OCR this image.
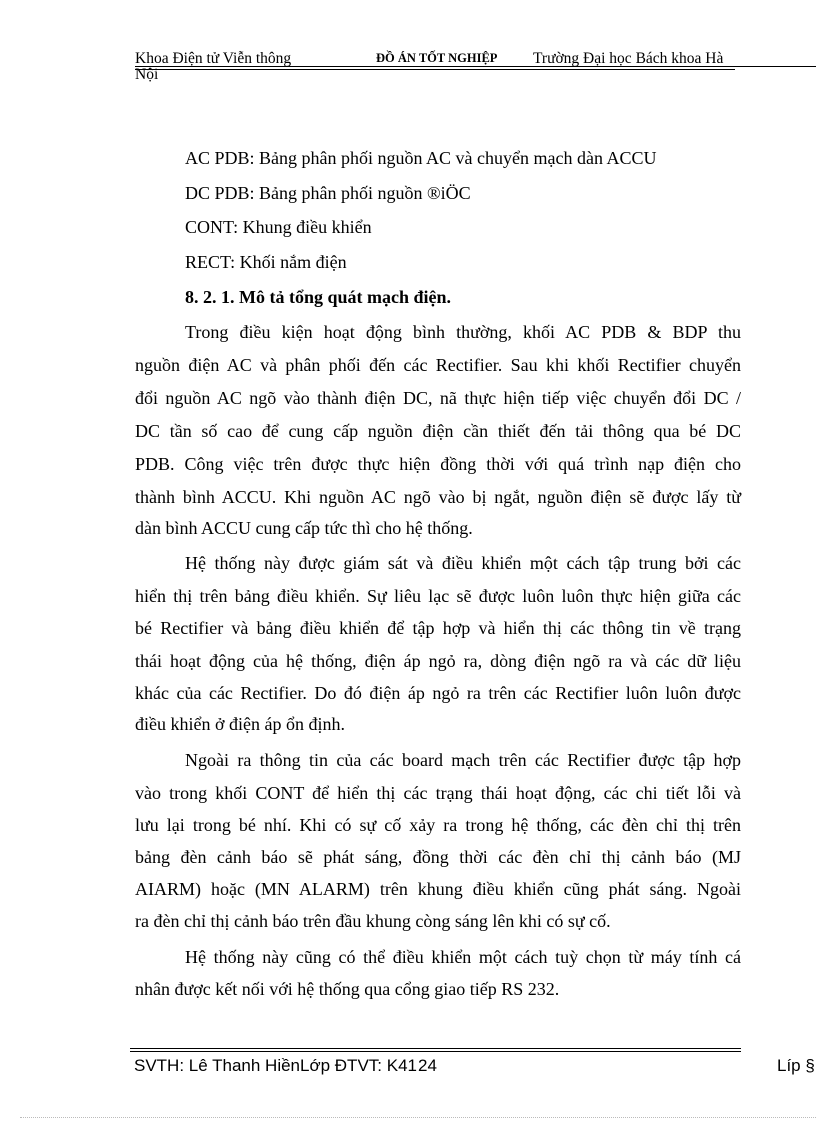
Khoa Điện tử Viễn thông	ĐỒ ÁN TỐT NGHIỆP Trường Đại học Bách khoa Hà
Nội
AC PDB: Bảng phân phối nguồn AC và chuyển mạch dàn ACCU
DC PDB: Bảng phân phối nguồn ®iÖC
CONT: Khung điều khiển
RECT: Khối nắm điện
8. 2. 1. Mô tả tổng quát mạch điện.
Trong điều kiện hoạt động bình thường, khối AC PDB & BDP thu
nguồn điện AC và phân phối đến các Rectifier. Sau khi khối Rectifier chuyển
đổi nguồn AC ngõ vào thành điện DC, nã thực hiện tiếp việc chuyển đổi DC /
DC tần số cao để cung cấp nguồn điện cần thiết đến tải thông qua bé DC
PDB. Công việc trên được thực hiện đồng thời với quá trình nạp điện cho
thành bình ACCU. Khi nguồn AC ngõ vào bị ngắt, nguồn điện sẽ được lấy từ
dàn bình ACCU cung cấp tức thì cho hệ thống.
Hệ thống này được giám sát và điều khiển một cách tập trung bởi các
hiển thị trên bảng điều khiển. Sự liêu lạc sẽ được luôn luôn thực hiện giữa các
bé Rectifier và bảng điều khiển để tập hợp và hiển thị các thông tin về trạng
thái hoạt động của hệ thống, điện áp ngỏ ra, dòng điện ngõ ra và các dữ liệu
khác của các Rectifier. Do đó điện áp ngỏ ra trên các Rectifier luôn luôn được
điều khiển ở điện áp ổn định.
Ngoài ra thông tin của các board mạch trên các Rectifier được tập hợp
vào trong khối CONT để hiển thị các trạng thái hoạt động, các chi tiết lỗi và
lưu lại trong bé nhí. Khi có sự cố xảy ra trong hệ thống, các đèn chỉ thị trên
bảng đèn cảnh báo sẽ phát sáng, đồng thời các đèn chỉ thị cảnh báo (MJ
AIARM) hoặc (MN ALARM) trên khung điều khiển cũng phát sáng. Ngoài
ra đèn chỉ thị cảnh báo trên đầu khung còng sáng lên khi có sự cố.
Hệ thống này cũng có thể điều khiển một cách tuỳ chọn từ máy tính cá
nhân được kết nối với hệ thống qua cổng giao tiếp RS 232.
SVTH: Lê Thanh HiềnLớp ĐTVT: K41 24	Líp §
